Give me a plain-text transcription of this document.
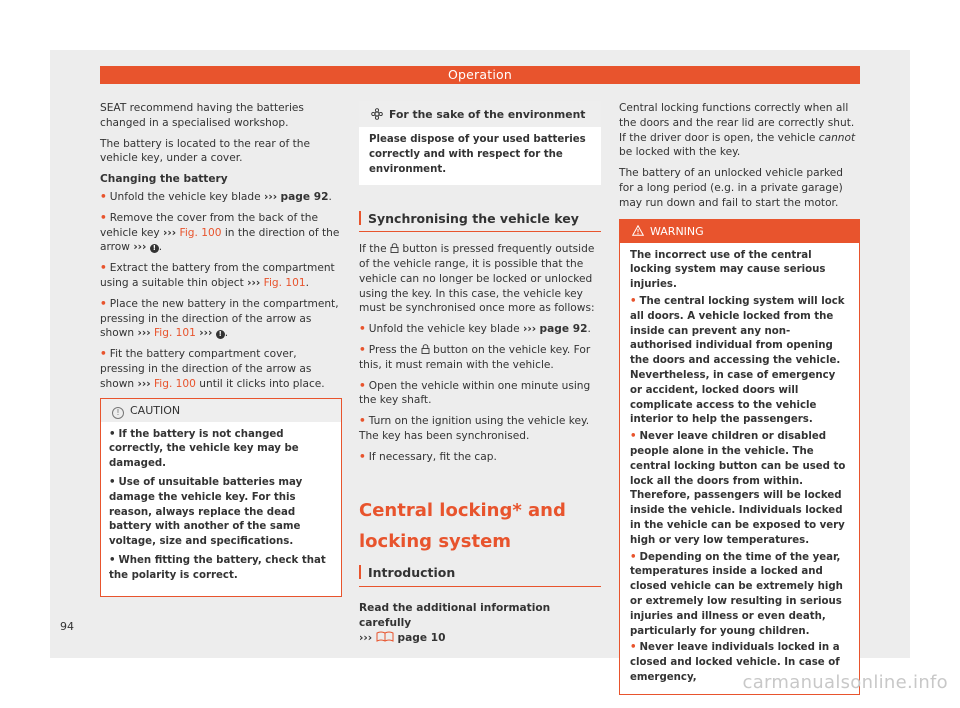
Operation

SEAT recommend having the batteries changed in a specialised workshop.

The battery is located to the rear of the vehicle key, under a cover.

Changing the battery

• Unfold the vehicle key blade ››› page 92.

• Remove the cover from the back of the vehicle key ››› Fig. 100 in the direction of the arrow ››› ! .

• Extract the battery from the compartment using a suitable thin object ››› Fig. 101.

• Place the new battery in the compartment, pressing in the direction of the arrow as shown ››› Fig. 101 ››› ! .

• Fit the battery compartment cover, pressing in the direction of the arrow as shown ››› Fig. 100 until it clicks into place.

! CAUTION
• If the battery is not changed correctly, the vehicle key may be damaged.
• Use of unsuitable batteries may damage the vehicle key. For this reason, always replace the dead battery with another of the same voltage, size and specifications.
• When fitting the battery, check that the polarity is correct.
For the sake of the environment
Please dispose of your used batteries correctly and with respect for the environment.
Synchronising the vehicle key

If the button is pressed frequently outside of the vehicle range, it is possible that the vehicle can no longer be locked or unlocked using the key. In this case, the vehicle key must be synchronised once more as follows:

• Unfold the vehicle key blade ››› page 92.

• Press the button on the vehicle key. For this, it must remain with the vehicle.

• Open the vehicle within one minute using the key shaft.

• Turn on the ignition using the vehicle key. The key has been synchronised.

• If necessary, fit the cap.

Central locking* and locking system
Introduction

Read the additional information carefully
››› page 10

Central locking functions correctly when all the doors and the rear lid are correctly shut. If the driver door is open, the vehicle cannot be locked with the key.

The battery of an unlocked vehicle parked for a long period (e.g. in a private garage) may run down and fail to start the motor.

WARNING
The incorrect use of the central locking system may cause serious injuries.
• The central locking system will lock all doors. A vehicle locked from the inside can prevent any non-authorised individual from opening the doors and accessing the vehicle. Nevertheless, in case of emergency or accident, locked doors will complicate access to the vehicle interior to help the passengers.
• Never leave children or disabled people alone in the vehicle. The central locking button can be used to lock all the doors from within. Therefore, passengers will be locked inside the vehicle. Individuals locked in the vehicle can be exposed to very high or very low temperatures.
• Depending on the time of the year, temperatures inside a locked and closed vehicle can be extremely high or extremely low resulting in serious injuries and illness or even death, particularly for young children.
• Never leave individuals locked in a closed and locked vehicle. In case of emergency,
94
carmanualsonline.info
